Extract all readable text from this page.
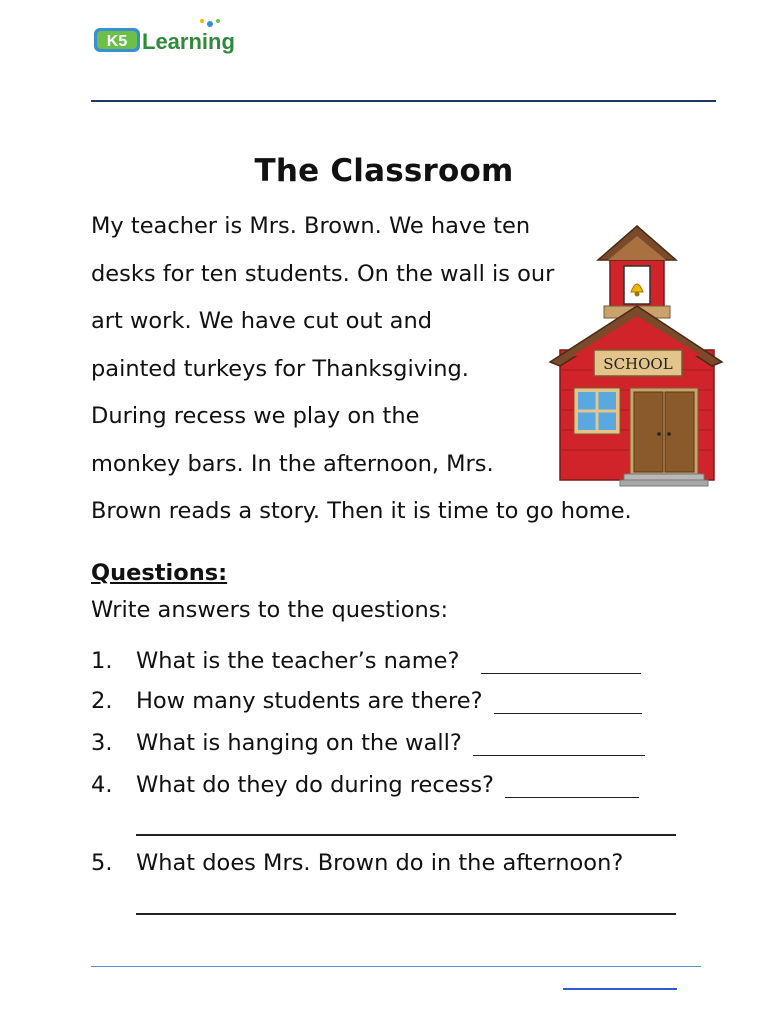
K5 Learning
The Classroom
My teacher is Mrs. Brown. We have ten
desks for ten students. On the wall is our
art work. We have cut out and
painted turkeys for Thanksgiving.
During recess we play on the
monkey bars. In the afternoon, Mrs.
Brown reads a story. Then it is time to go home.
SCHOOL
Questions:
Write answers to the questions:
1. What is the teacher’s name?
2. How many students are there?
3. What is hanging on the wall?
4. What do they do during recess?
5. What does Mrs. Brown do in the afternoon?
